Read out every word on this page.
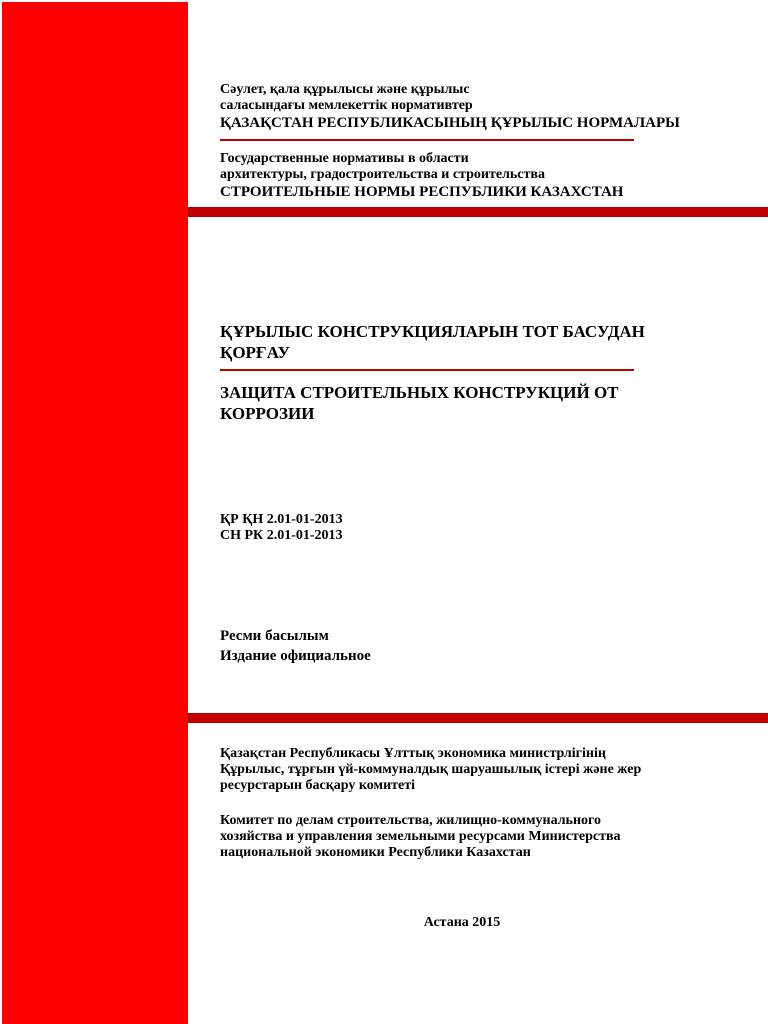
Сәулет, қала құрылысы және құрылыс
саласындағы мемлекеттік нормативтер
ҚАЗАҚСТАН РЕСПУБЛИКАСЫНЫҢ ҚҰРЫЛЫС НОРМАЛАРЫ
Государственные нормативы в области
архитектуры, градостроительства и строительства
СТРОИТЕЛЬНЫЕ НОРМЫ РЕСПУБЛИКИ КАЗАХСТАН
ҚҰРЫЛЫС КОНСТРУКЦИЯЛАРЫН ТОТ БАСУДАН
ҚОРҒАУ
ЗАЩИТА СТРОИТЕЛЬНЫХ КОНСТРУКЦИЙ ОТ
КОРРОЗИИ
ҚР ҚН 2.01-01-2013
СН РК 2.01-01-2013
Ресми басылым
Издание официальное
Қазақстан Республикасы Ұлттық экономика министрлігінің
Құрылыс, тұрғын үй-коммуналдық шаруашылық істері және жер
ресурстарын басқару комитеті
Комитет по делам строительства, жилищно-коммунального
хозяйства и управления земельными ресурсами Министерства
национальной экономики Республики Казахстан
Астана 2015
